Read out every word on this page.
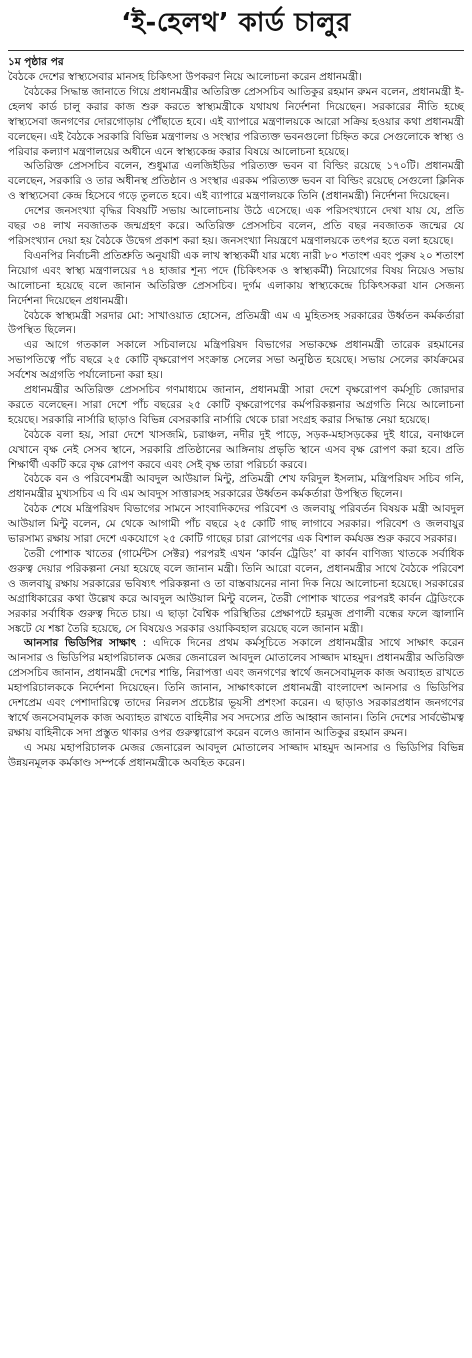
‘ই-হেলথ’ কার্ড চালুর
১ম পৃষ্ঠার পর

বৈঠকে দেশের স্বাস্থ্যসেবার মানসহ চিকিৎসা উপকরণ নিয়ে আলোচনা করেন প্রধানমন্ত্রী।

বৈঠকের সিদ্ধান্ত জানাতে গিয়ে প্রধানমন্ত্রীর অতিরিক্ত প্রেসসচিব আতিকুর রহমান রুমন বলেন, প্রধানমন্ত্রী ই-হেলথ কার্ড চালু করার কাজ শুরু করতে স্বাস্থ্যমন্ত্রীকে যথাযথ নির্দেশনা দিয়েছেন। সরকারের নীতি হচ্ছে স্বাস্থ্যসেবা জনগণের দোরগোড়ায় পৌঁছাতে হবে। এই ব্যাপারে মন্ত্রণালয়কে আরো সক্রিয় হওয়ার কথা প্রধানমন্ত্রী বলেছেন। এই বৈঠকে সরকারি বিভিন্ন মন্ত্রণালয় ও সংস্থার পরিত্যক্ত ভবনগুলো চিহ্নিত করে সেগুলোকে স্বাস্থ্য ও পরিবার কল্যাণ মন্ত্রণালয়ের অধীনে এনে স্বাস্থ্যকেন্দ্র করার বিষয়ে আলোচনা হয়েছে।

অতিরিক্ত প্রেসসচিব বলেন, শুধুমাত্র এলজিইডির পরিত্যক্ত ভবন বা বিল্ডিং রয়েছে ১৭০টি। প্রধানমন্ত্রী বলেছেন, সরকারি ও তার অধীনস্থ প্রতিষ্ঠান ও সংস্থার এরকম পরিত্যক্ত ভবন বা বিল্ডিং রয়েছে সেগুলো ক্লিনিক ও স্বাস্থ্যসেবা কেন্দ্র হিসেবে গড়ে তুলতে হবে। এই ব্যাপারে মন্ত্রণালয়কে তিনি (প্রধানমন্ত্রী) নির্দেশনা দিয়েছেন।

দেশের জনসংখ্যা বৃদ্ধির বিষয়টি সভায় আলোচনায় উঠে এসেছে। এক পরিসংখ্যানে দেখা যায় যে, প্রতি বছর ৩৪ লাখ নবজাতক জন্মগ্রহণ করে। অতিরিক্ত প্রেসসচিব বলেন, প্রতি বছর নবজাতক জন্মের যে পরিসংখ্যান দেয়া হয় বৈঠকে উদ্বেগ প্রকাশ করা হয়। জনসংখ্যা নিয়ন্ত্রণে মন্ত্রণালয়কে তৎপর হতে বলা হয়েছে।

বিএনপির নির্বাচনী প্রতিশ্রুতি অনুযায়ী এক লাখ স্বাস্থ্যকর্মী যার মধ্যে নারী ৮০ শতাংশ এবং পুরুষ ২০ শতাংশ নিয়োগ এবং স্বাস্থ্য মন্ত্রণালয়ের ৭৪ হাজার শূন্য পদে (চিকিৎসক ও স্বাস্থ্যকর্মী) নিয়োগের বিষয় নিয়েও সভায় আলোচনা হয়েছে বলে জানান অতিরিক্ত প্রেসসচিব। দুর্গম এলাকায় স্বাস্থ্যকেন্দ্রে চিকিৎসকরা যান সেজন্য নির্দেশনা দিয়েছেন প্রধানমন্ত্রী।

বৈঠকে স্বাস্থ্যমন্ত্রী সরদার মো: সাখাওয়াত হোসেন, প্রতিমন্ত্রী এম এ মুহিতসহ সরকারের উর্ধ্বতন কর্মকর্তারা উপস্থিত ছিলেন।

এর আগে গতকাল সকালে সচিবালয়ে মন্ত্রিপরিষদ বিভাগের সভাকক্ষে প্রধানমন্ত্রী তারেক রহমানের সভাপতিত্বে পাঁচ বছরে ২৫ কোটি বৃক্ষরোপণ সংক্রান্ত সেলের সভা অনুষ্ঠিত হয়েছে। সভায় সেলের কার্যক্রমের সর্বশেষ অগ্রগতি পর্যালোচনা করা হয়।

প্রধানমন্ত্রীর অতিরিক্ত প্রেসসচিব গণমাধ্যমে জানান, প্রধানমন্ত্রী সারা দেশে বৃক্ষরোপণ কর্মসূচি জোরদার করতে বলেছেন। সারা দেশে পাঁচ বছরের ২৫ কোটি বৃক্ষরোপণের কর্মপরিকল্পনার অগ্রগতি নিয়ে আলোচনা হয়েছে। সরকারি নার্সারি ছাড়াও বিভিন্ন বেসরকারি নার্সারি থেকে চারা সংগ্রহ করার সিদ্ধান্ত নেয়া হয়েছে।

বৈঠকে বলা হয়, সারা দেশে খাসজমি, চরাঞ্চল, নদীর দুই পাড়ে, সড়ক-মহাসড়কের দুই ধারে, বনাঞ্চলে যেখানে বৃক্ষ নেই সেসব স্থানে, সরকারি প্রতিষ্ঠানের আঙ্গিনায় প্রভৃতি স্থানে এসব বৃক্ষ রোপণ করা হবে। প্রতি শিক্ষার্থী একটি করে বৃক্ষ রোপণ করবে এবং সেই বৃক্ষ তারা পরিচর্চা করবে।

বৈঠকে বন ও পরিবেশমন্ত্রী আবদুল আউয়াল মিন্টু, প্রতিমন্ত্রী শেখ ফরিদুল ইসলাম, মন্ত্রিপরিষদ সচিব গনি, প্রধানমন্ত্রীর মুখ্যসচিব এ বি এম আবদুস সাত্তারসহ সরকারের উর্ধ্বতন কর্মকর্তারা উপস্থিত ছিলেন।

বৈঠক শেষে মন্ত্রিপরিষদ বিভাগের সামনে সাংবাদিকদের পরিবেশ ও জলবায়ু পরিবর্তন বিষয়ক মন্ত্রী আবদুল আউয়াল মিন্টু বলেন, মে থেকে আগামী পাঁচ বছরে ২৫ কোটি গাছ লাগাবে সরকার। পরিবেশ ও জলবায়ুর ভারসাম্য রক্ষায় সারা দেশে একযোগে ২৫ কোটি গাছের চারা রোপণের এক বিশাল কর্মযজ্ঞ শুরু করবে সরকার।

তৈরী পোশাক খাতের (গার্মেন্টস সেক্টর) পরপরই এখন ‘কার্বন ট্রেডিং’ বা কার্বন বাণিজ্য খাতকে সর্বাধিক গুরুত্ব দেয়ার পরিকল্পনা নেয়া হয়েছে বলে জানান মন্ত্রী। তিনি আরো বলেন, প্রধানমন্ত্রীর সাথে বৈঠকে পরিবেশ ও জলবায়ু রক্ষায় সরকারের ভবিষ্যৎ পরিকল্পনা ও তা বাস্তবায়নের নানা দিক নিয়ে আলোচনা হয়েছে। সরকারের অগ্রাধিকারের কথা উল্লেখ করে আবদুল আউয়াল মিন্টু বলেন, তৈরী পোশাক খাতের পরপরই কার্বন ট্রেডিংকে সরকার সর্বাধিক গুরুত্ব দিতে চায়। এ ছাড়া বৈশ্বিক পরিস্থিতির প্রেক্ষাপটে হরমুজ প্রণালী বন্ধের ফলে জ্বালানি সঙ্কটে যে শঙ্কা তৈরি হয়েছে, সে বিষয়েও সরকার ওয়াকিবহাল রয়েছে বলে জানান মন্ত্রী।

আনসার ভিডিপির সাক্ষাৎ : এদিকে দিনের প্রথম কর্মসূচিতে সকালে প্রধানমন্ত্রীর সাথে সাক্ষাৎ করেন আনসার ও ভিডিপির মহাপরিচালক মেজর জেনারেল আবদুল মোতালেব সাজ্জাদ মাহমুদ। প্রধানমন্ত্রীর অতিরিক্ত প্রেসসচিব জানান, প্রধানমন্ত্রী দেশের শান্তি, নিরাপত্তা এবং জনগণের স্বার্থে জনসেবামূলক কাজ অব্যাহত রাখতে মহাপরিচালককে নির্দেশনা দিয়েছেন। তিনি জানান, সাক্ষাৎকালে প্রধানমন্ত্রী বাংলাদেশ আনসার ও ভিডিপির দেশপ্রেম এবং পেশাদারিত্বে তাদের নিরলস প্রচেষ্টার ভূয়সী প্রশংসা করেন। এ ছাড়াও সরকারপ্রধান জনগণের স্বার্থে জনসেবামূলক কাজ অব্যাহত রাখতে বাহিনীর সব সদস্যের প্রতি আহ্বান জানান। তিনি দেশের সার্বভৌমত্ব রক্ষায় বাহিনীকে সদা প্রস্তুত থাকার ওপর গুরুত্বারোপ করেন বলেও জানান আতিকুর রহমান রুমন।

এ সময় মহাপরিচালক মেজর জেনারেল আবদুল মোতালেব সাজ্জাদ মাহমুদ আনসার ও ভিডিপির বিভিন্ন উন্নয়নমূলক কর্মকাণ্ড সম্পর্কে প্রধানমন্ত্রীকে অবহিত করেন।
